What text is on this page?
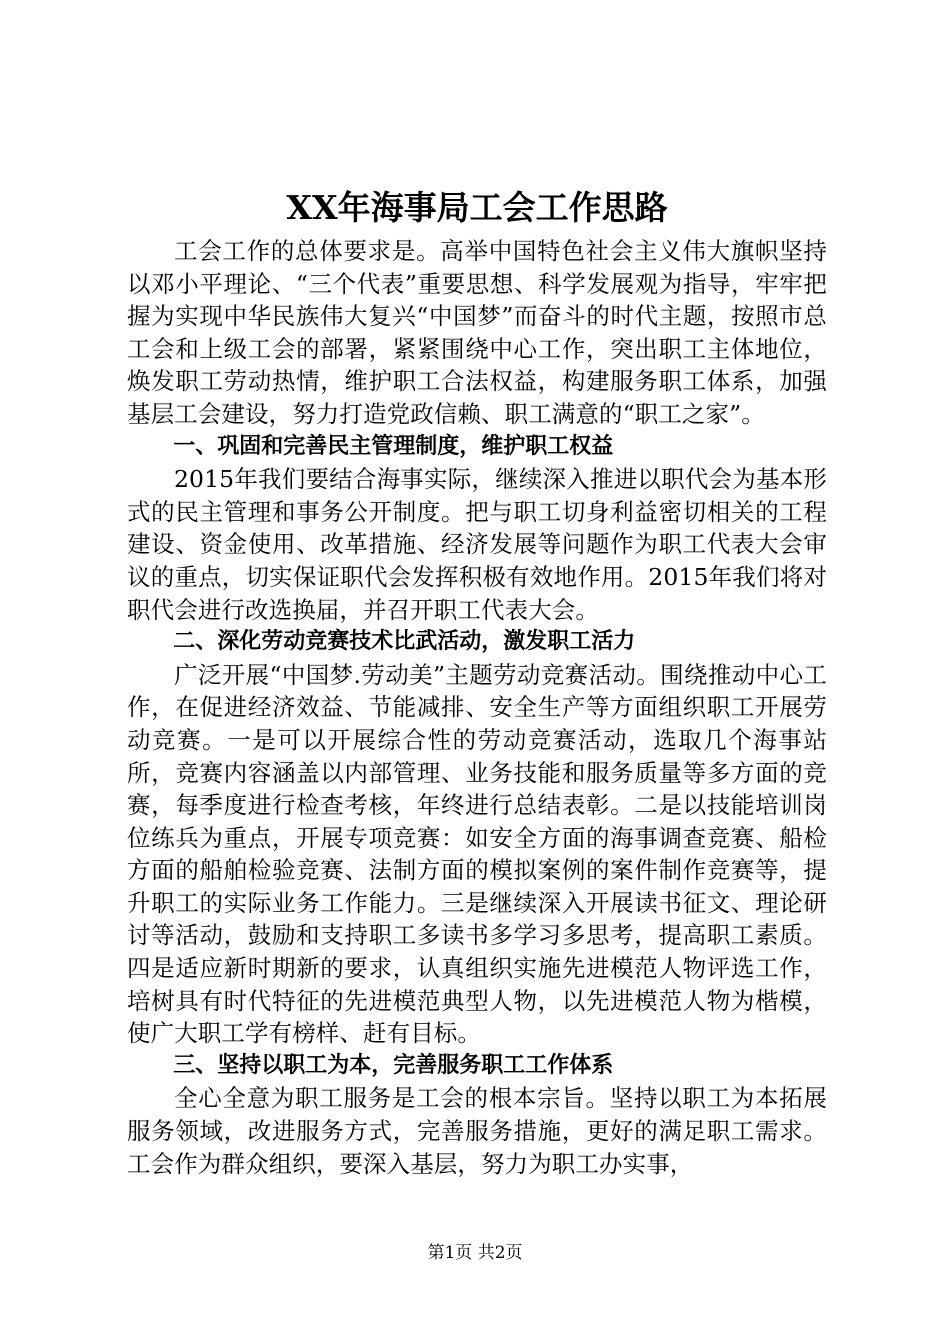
XX年海事局工会工作思路

工会工作的总体要求是。高举中国特色社会主义伟大旗帜坚持以邓小平理论、“三个代表”重要思想、科学发展观为指导，牢牢把握为实现中华民族伟大复兴“中国梦”而奋斗的时代主题，按照市总工会和上级工会的部署，紧紧围绕中心工作，突出职工主体地位，焕发职工劳动热情，维护职工合法权益，构建服务职工体系，加强基层工会建设，努力打造党政信赖、职工满意的“职工之家”。

一、巩固和完善民主管理制度，维护职工权益

2015年我们要结合海事实际，继续深入推进以职代会为基本形式的民主管理和事务公开制度。把与职工切身利益密切相关的工程建设、资金使用、改革措施、经济发展等问题作为职工代表大会审议的重点，切实保证职代会发挥积极有效地作用。2015年我们将对职代会进行改选换届，并召开职工代表大会。

二、深化劳动竞赛技术比武活动，激发职工活力

广泛开展“中国梦.劳动美”主题劳动竞赛活动。围绕推动中心工作，在促进经济效益、节能减排、安全生产等方面组织职工开展劳动竞赛。一是可以开展综合性的劳动竞赛活动，选取几个海事站所，竞赛内容涵盖以内部管理、业务技能和服务质量等多方面的竞赛，每季度进行检查考核，年终进行总结表彰。二是以技能培训岗位练兵为重点，开展专项竞赛：如安全方面的海事调查竞赛、船检方面的船舶检验竞赛、法制方面的模拟案例的案件制作竞赛等，提升职工的实际业务工作能力。三是继续深入开展读书征文、理论研讨等活动，鼓励和支持职工多读书多学习多思考，提高职工素质。四是适应新时期新的要求，认真组织实施先进模范人物评选工作，培树具有时代特征的先进模范典型人物，以先进模范人物为楷模，使广大职工学有榜样、赶有目标。

三、坚持以职工为本，完善服务职工工作体系

全心全意为职工服务是工会的根本宗旨。坚持以职工为本拓展服务领域，改进服务方式，完善服务措施，更好的满足职工需求。工会作为群众组织，要深入基层，努力为职工办实事，

第1页 共2页
